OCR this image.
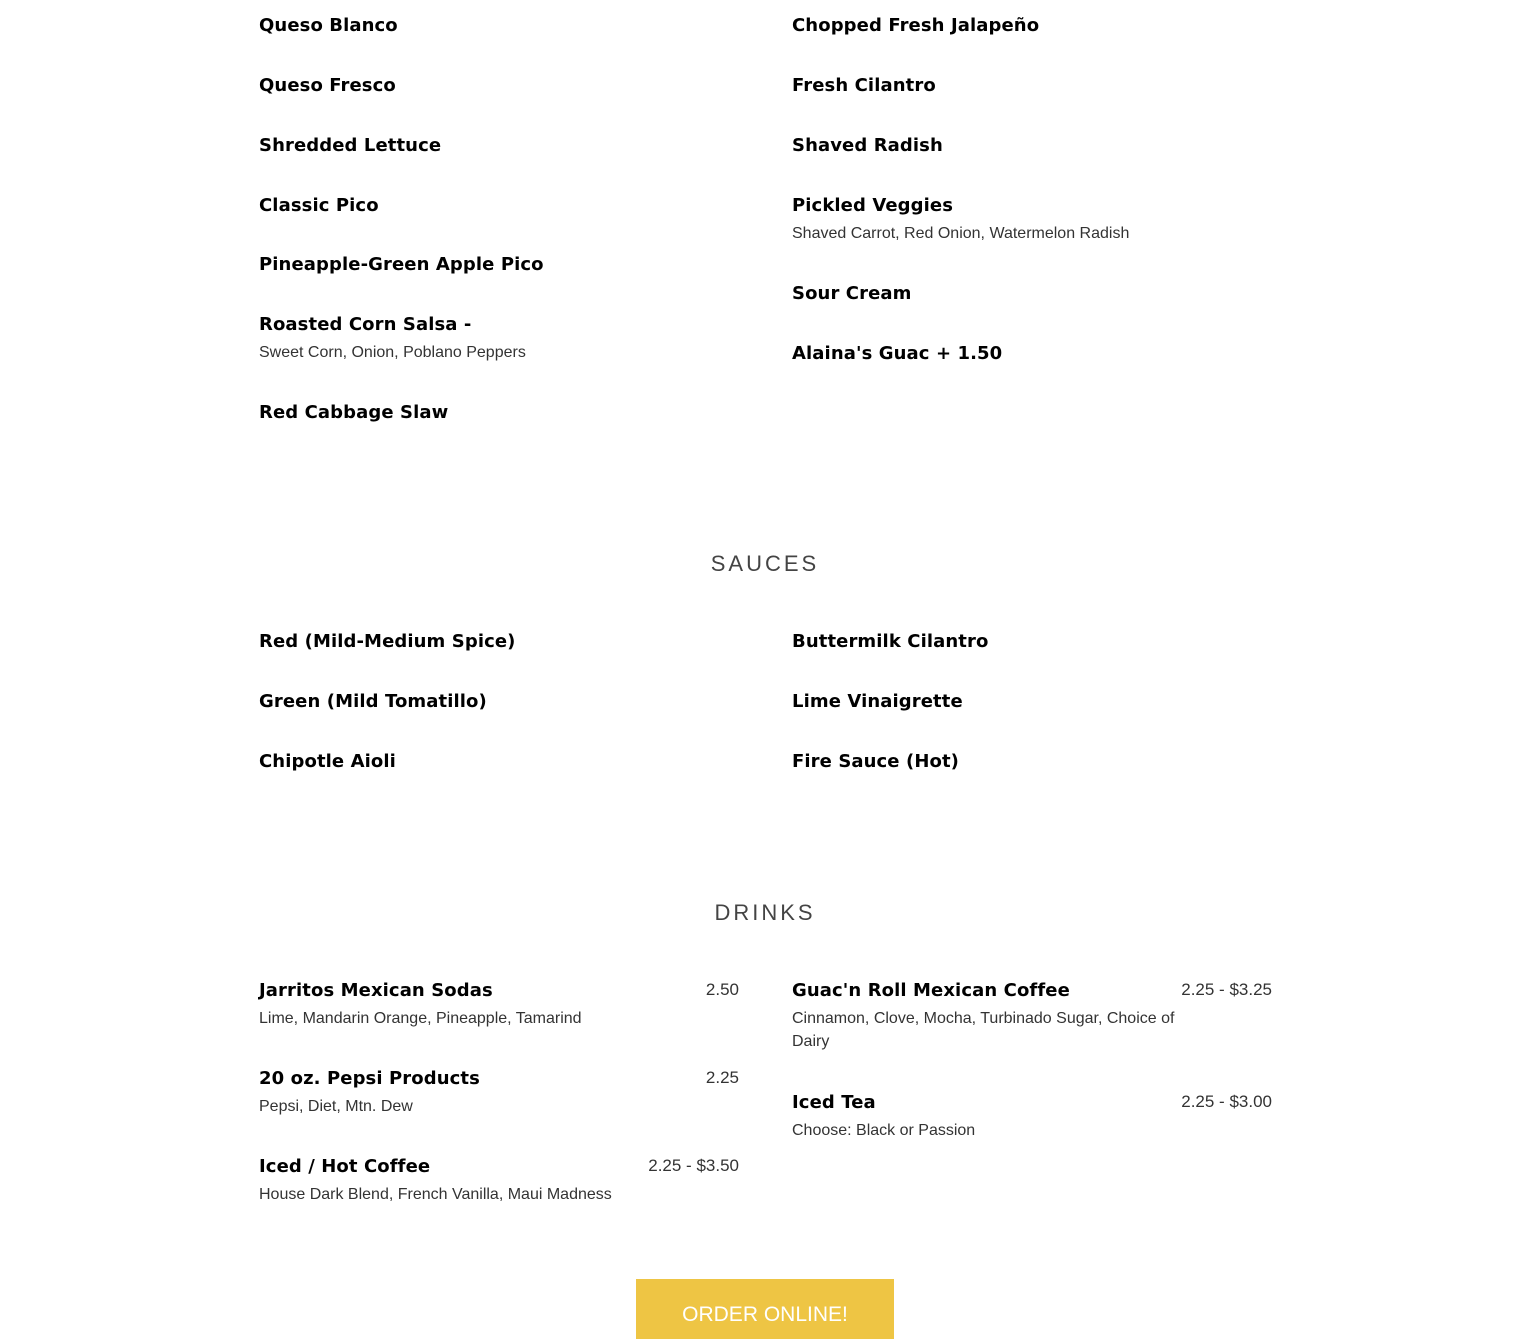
Queso Blanco
Queso Fresco
Shredded Lettuce
Classic Pico
Pineapple-Green Apple Pico
Roasted Corn Salsa -
Sweet Corn, Onion, Poblano Peppers
Red Cabbage Slaw
Chopped Fresh Jalapeño
Fresh Cilantro
Shaved Radish
Pickled Veggies
Shaved Carrot, Red Onion, Watermelon Radish
Sour Cream
Alaina's Guac + 1.50
SAUCES
Red (Mild-Medium Spice)
Green (Mild Tomatillo)
Chipotle Aioli
Buttermilk Cilantro
Lime Vinaigrette
Fire Sauce (Hot)
DRINKS
Jarritos Mexican Sodas	2.50
Lime, Mandarin Orange, Pineapple, Tamarind
20 oz. Pepsi Products	2.25
Pepsi, Diet, Mtn. Dew
Iced / Hot Coffee	2.25 - $3.50
House Dark Blend, French Vanilla, Maui Madness
Guac'n Roll Mexican Coffee	2.25 - $3.25
Cinnamon, Clove, Mocha, Turbinado Sugar, Choice of Dairy
Iced Tea	2.25 - $3.00
Choose: Black or Passion
ORDER ONLINE!
